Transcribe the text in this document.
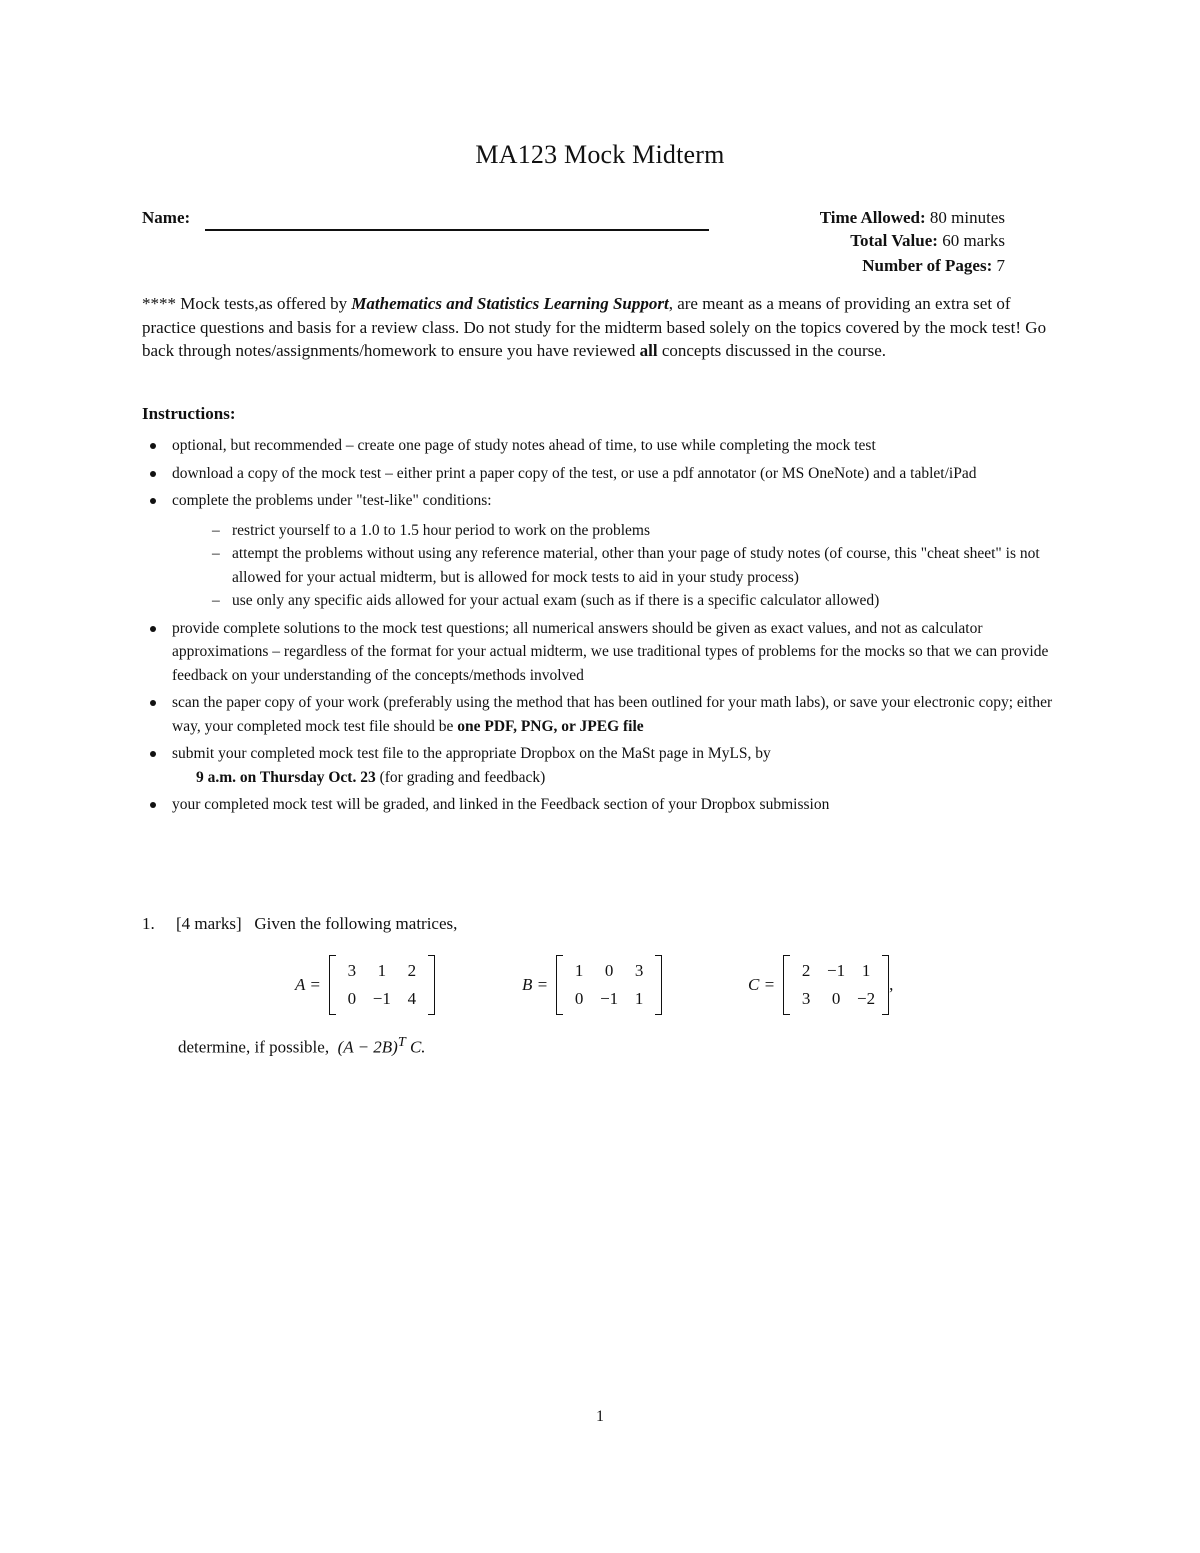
MA123 Mock Midterm
Name:	Time Allowed: 80 minutes
Total Value: 60 marks
Number of Pages: 7
**** Mock tests,as offered by Mathematics and Statistics Learning Support, are meant as a means of providing an extra set of practice questions and basis for a review class. Do not study for the midterm based solely on the topics covered by the mock test! Go back through notes/assignments/homework to ensure you have reviewed all concepts discussed in the course.
Instructions:
optional, but recommended – create one page of study notes ahead of time, to use while completing the mock test
download a copy of the mock test – either print a paper copy of the test, or use a pdf annotator (or MS OneNote) and a tablet/iPad
complete the problems under "test-like" conditions:
– restrict yourself to a 1.0 to 1.5 hour period to work on the problems
– attempt the problems without using any reference material, other than your page of study notes (of course, this "cheat sheet" is not allowed for your actual midterm, but is allowed for mock tests to aid in your study process)
– use only any specific aids allowed for your actual exam (such as if there is a specific calculator allowed)
provide complete solutions to the mock test questions; all numerical answers should be given as exact values, and not as calculator approximations – regardless of the format for your actual midterm, we use traditional types of problems for the mocks so that we can provide feedback on your understanding of the concepts/methods involved
scan the paper copy of your work (preferably using the method that has been outlined for your math labs), or save your electronic copy; either way, your completed mock test file should be one PDF, PNG, or JPEG file
submit your completed mock test file to the appropriate Dropbox on the MaSt page in MyLS, by
9 a.m. on Thursday Oct. 23 (for grading and feedback)
your completed mock test will be graded, and linked in the Feedback section of your Dropbox submission
1. [4 marks] Given the following matrices,
A =
3	1	2
0 −1 4
B =
1	0	3
0 −1 1
C =
2 −1 1
3	0 −2
,
determine, if possible, $(A - 2B)^T$ C.
1
